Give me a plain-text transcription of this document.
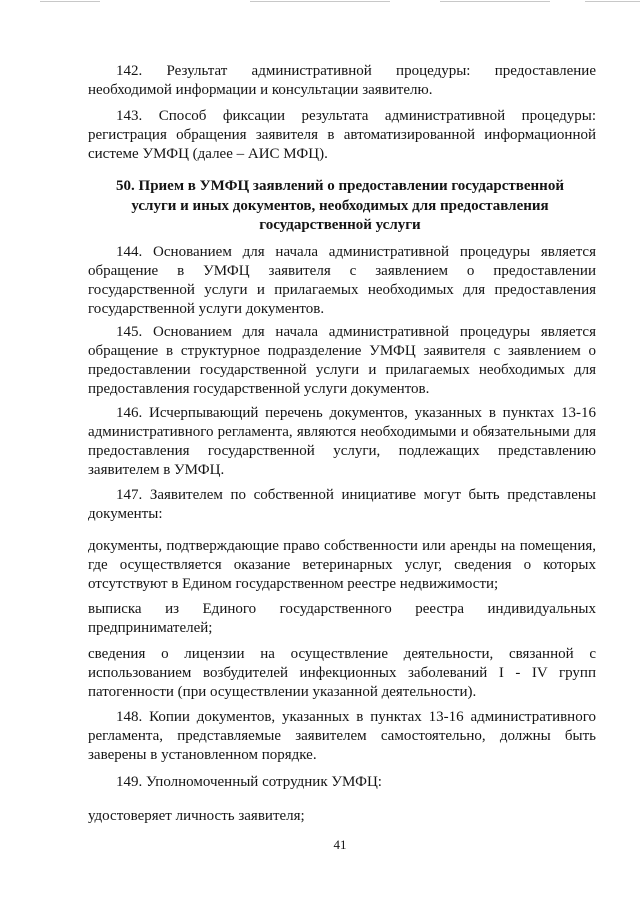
142. Результат административной процедуры: предоставление необходимой информации и консультации заявителю.

143. Способ фиксации результата административной процедуры: регистрация обращения заявителя в автоматизированной информационной системе УМФЦ (далее – АИС МФЦ).

50. Прием в УМФЦ заявлений о предоставлении государственной услуги и иных документов, необходимых для предоставления государственной услуги

144. Основанием для начала административной процедуры является обращение в УМФЦ заявителя с заявлением о предоставлении государственной услуги и прилагаемых необходимых для предоставления государственной услуги документов.

145. Основанием для начала административной процедуры является обращение в структурное подразделение УМФЦ заявителя с заявлением о предоставлении государственной услуги и прилагаемых необходимых для предоставления государственной услуги документов.

146. Исчерпывающий перечень документов, указанных в пунктах 13-16 административного регламента, являются необходимыми и обязательными для предоставления государственной услуги, подлежащих представлению заявителем в УМФЦ.

147. Заявителем по собственной инициативе могут быть представлены документы:

документы, подтверждающие право собственности или аренды на помещения, где осуществляется оказание ветеринарных услуг, сведения о которых отсутствуют в Едином государственном реестре недвижимости;

выписка из Единого государственного реестра индивидуальных предпринимателей;

сведения о лицензии на осуществление деятельности, связанной с использованием возбудителей инфекционных заболеваний I - IV групп патогенности (при осуществлении указанной деятельности).

148. Копии документов, указанных в пунктах 13-16 административного регламента, представляемые заявителем самостоятельно, должны быть заверены в установленном порядке.

149. Уполномоченный сотрудник УМФЦ:

удостоверяет личность заявителя;

41
